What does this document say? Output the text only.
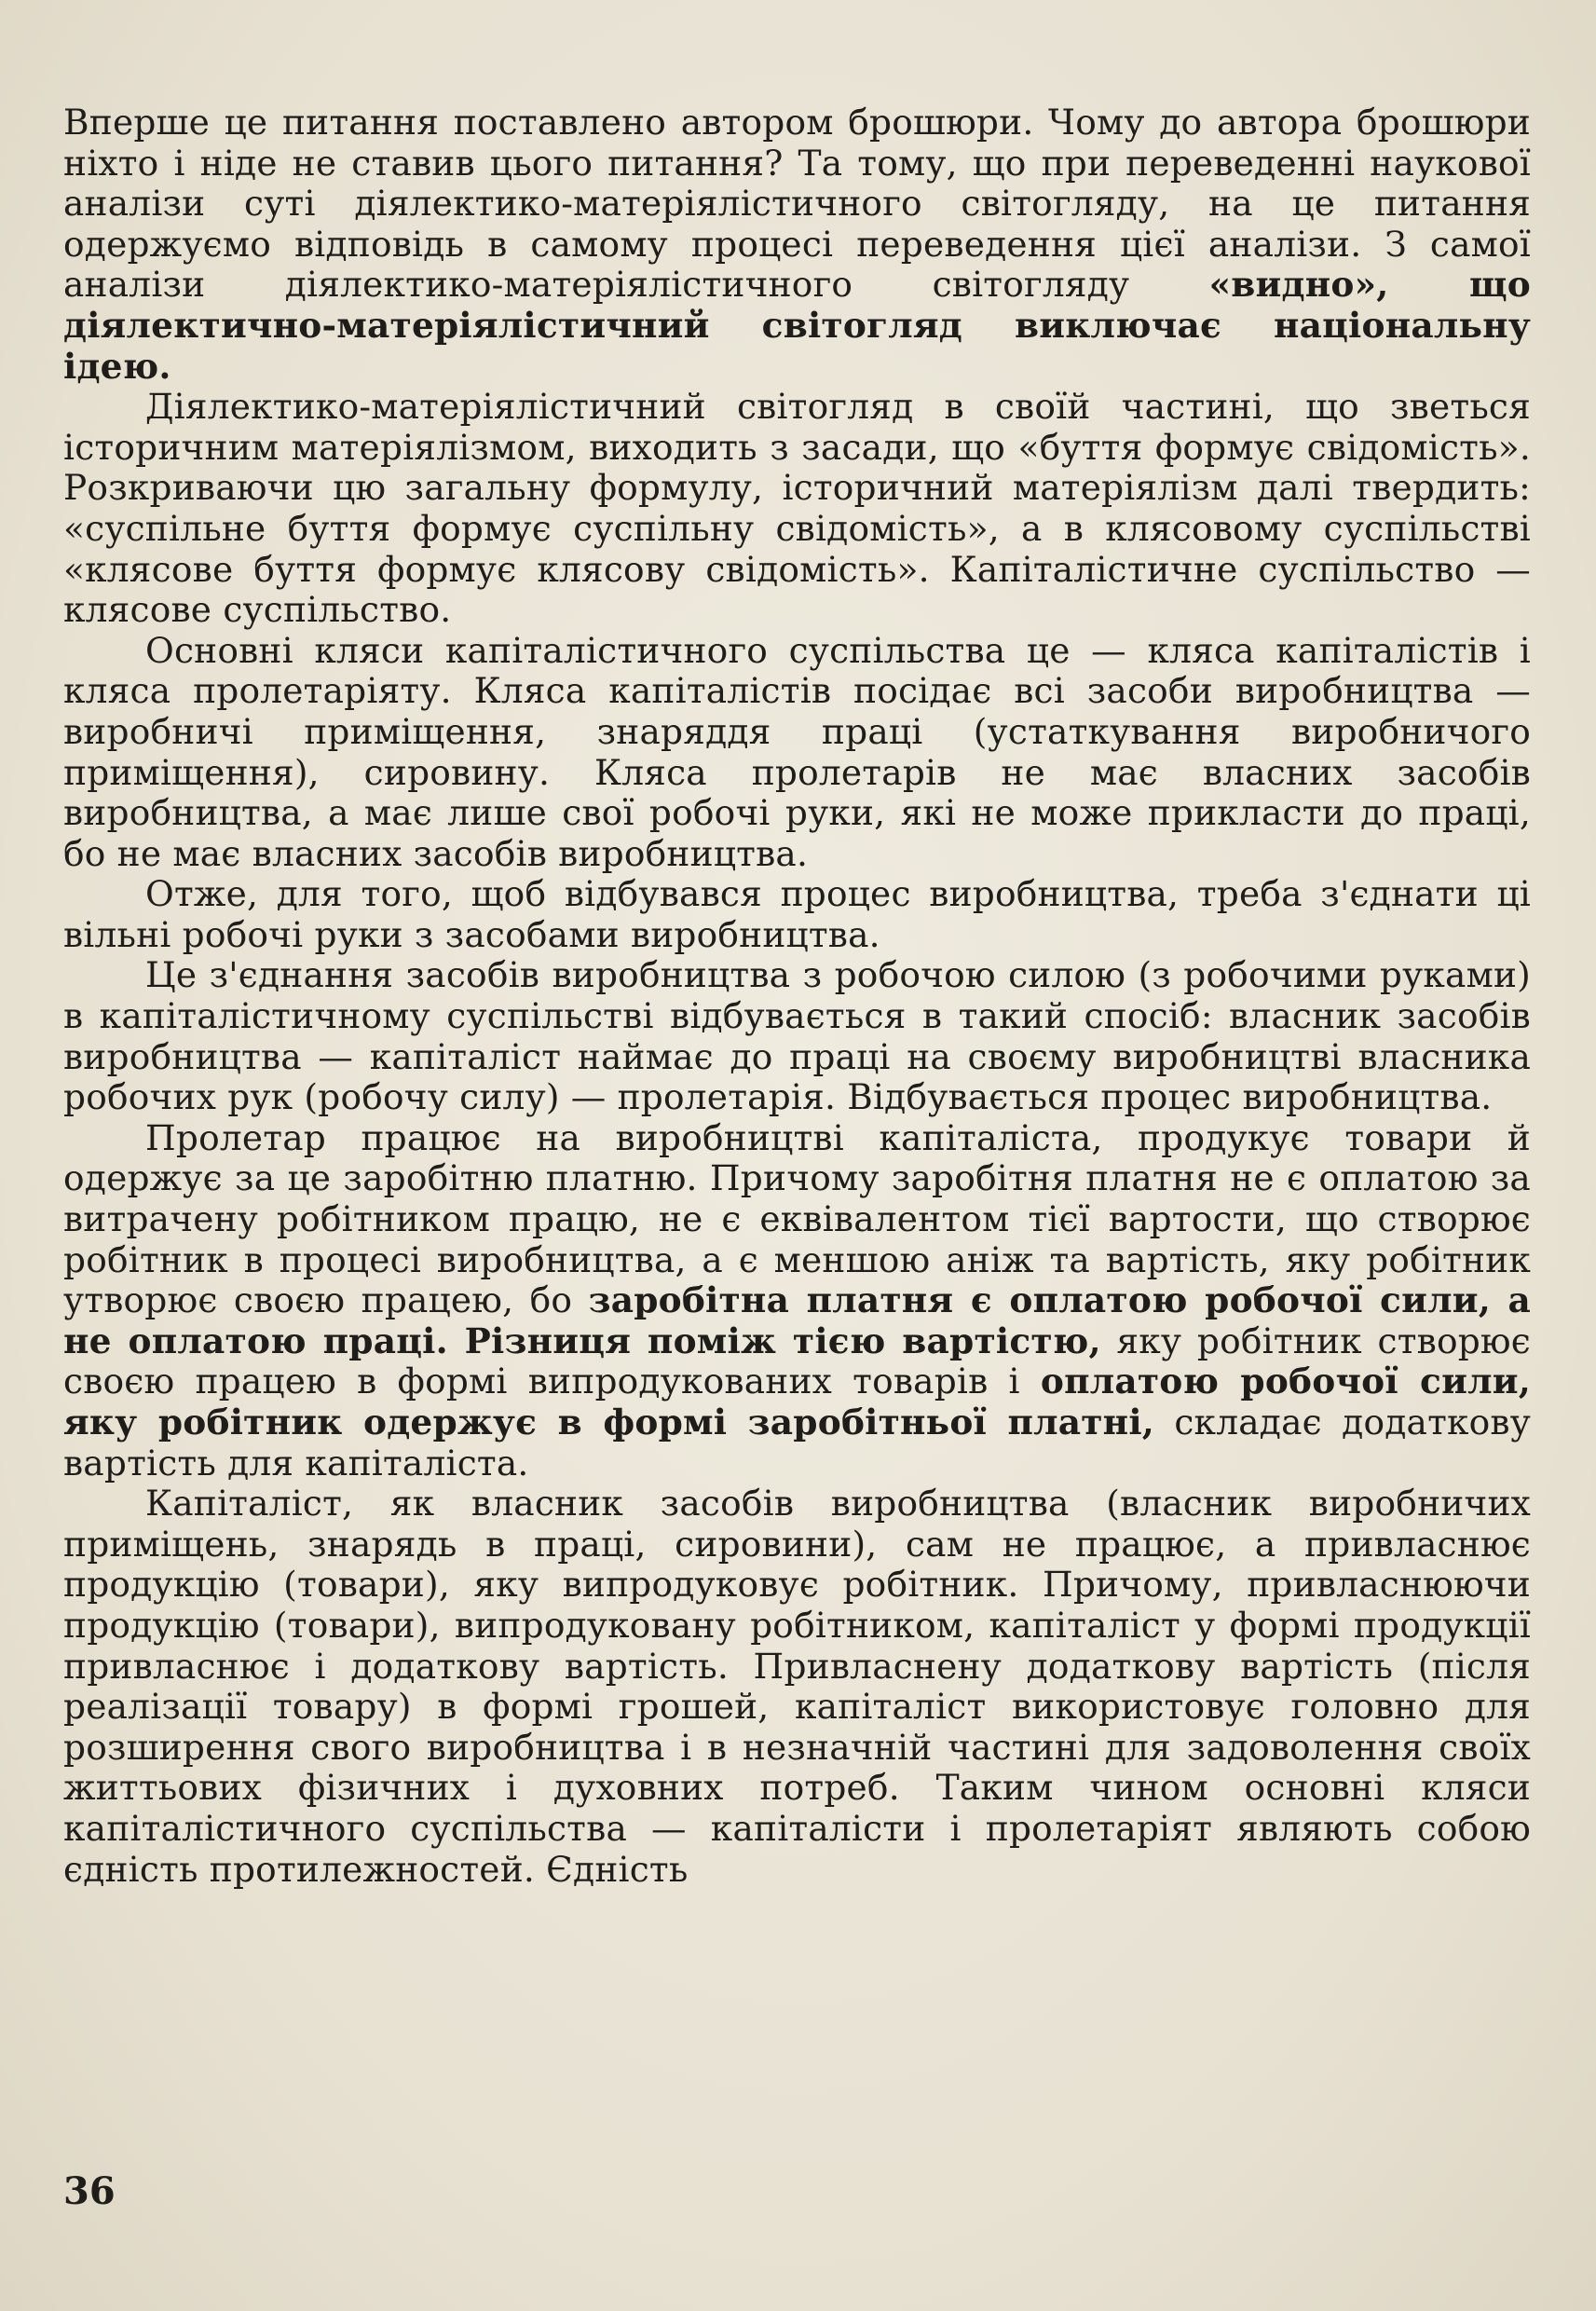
Вперше це питання поставлено автором брошюри. Чому до автора брошюри ніхто і ніде не ставив цього питання? Та тому, що при переведенні наукової аналізи суті діялектико-матеріялістичного світогляду, на це питання одержуємо відповідь в самому процесі переведення цієї аналізи. З самої аналізи діялектико-матеріялістичного світогляду «видно», що діялектично-матеріялістичний світогляд виключає національну ідею.

Діялектико-матеріялістичний світогляд в своїй частині, що зветься історичним матеріялізмом, виходить з засади, що «буття формує свідомість». Розкриваючи цю загальну формулу, історичний матеріялізм далі твердить: «суспільне буття формує суспільну свідомість», а в клясовому суспільстві «клясове буття формує клясову свідомість». Капіталістичне суспільство — клясове суспільство.

Основні кляси капіталістичного суспільства це — кляса капіталістів і кляса пролетаріяту. Кляса капіталістів посідає всі засоби виробництва — виробничі приміщення, знаряддя праці (устаткування виробничого приміщення), сировину. Кляса пролетарів не має власних засобів виробництва, а має лише свої робочі руки, які не може прикласти до праці, бо не має власних засобів виробництва.

Отже, для того, щоб відбувався процес виробництва, треба з'єднати ці вільні робочі руки з засобами виробництва.

Це з'єднання засобів виробництва з робочою силою (з робочими руками) в капіталістичному суспільстві відбувається в такий спосіб: власник засобів виробництва — капіталіст наймає до праці на своєму виробництві власника робочих рук (робочу силу) — пролетарія. Відбувається процес виробництва.

Пролетар працює на виробництві капіталіста, продукує товари й одержує за це заробітню платню. Причому заробітня платня не є оплатою за витрачену робітником працю, не є еквівалентом тієї вартости, що створює робітник в процесі виробництва, а є меншою аніж та вартість, яку робітник утворює своєю працею, бо заробітна платня є оплатою робочої сили, а не оплатою праці. Різниця поміж тією вартістю, яку робітник створює своєю працею в формі випродукованих товарів і оплатою робочої сили, яку робітник одержує в формі заробітньої платні, складає додаткову вартість для капіталіста.

Капіталіст, як власник засобів виробництва (власник виробничих приміщень, знарядь в праці, сировини), сам не працює, а привласнює продукцію (товари), яку випродуковує робітник. Причому, привласнюючи продукцію (товари), випродуковану робітником, капіталіст у формі продукції привласнює і додаткову вартість. Привласнену додаткову вартість (після реалізації товару) в формі грошей, капіталіст використовує головно для розширення свого виробництва і в незначній частині для задоволення своїх життьових фізичних і духовних потреб. Таким чином основні кляси капіталістичного суспільства — капіталісти і пролетаріят являють собою єдність протилежностей. Єдність

36
